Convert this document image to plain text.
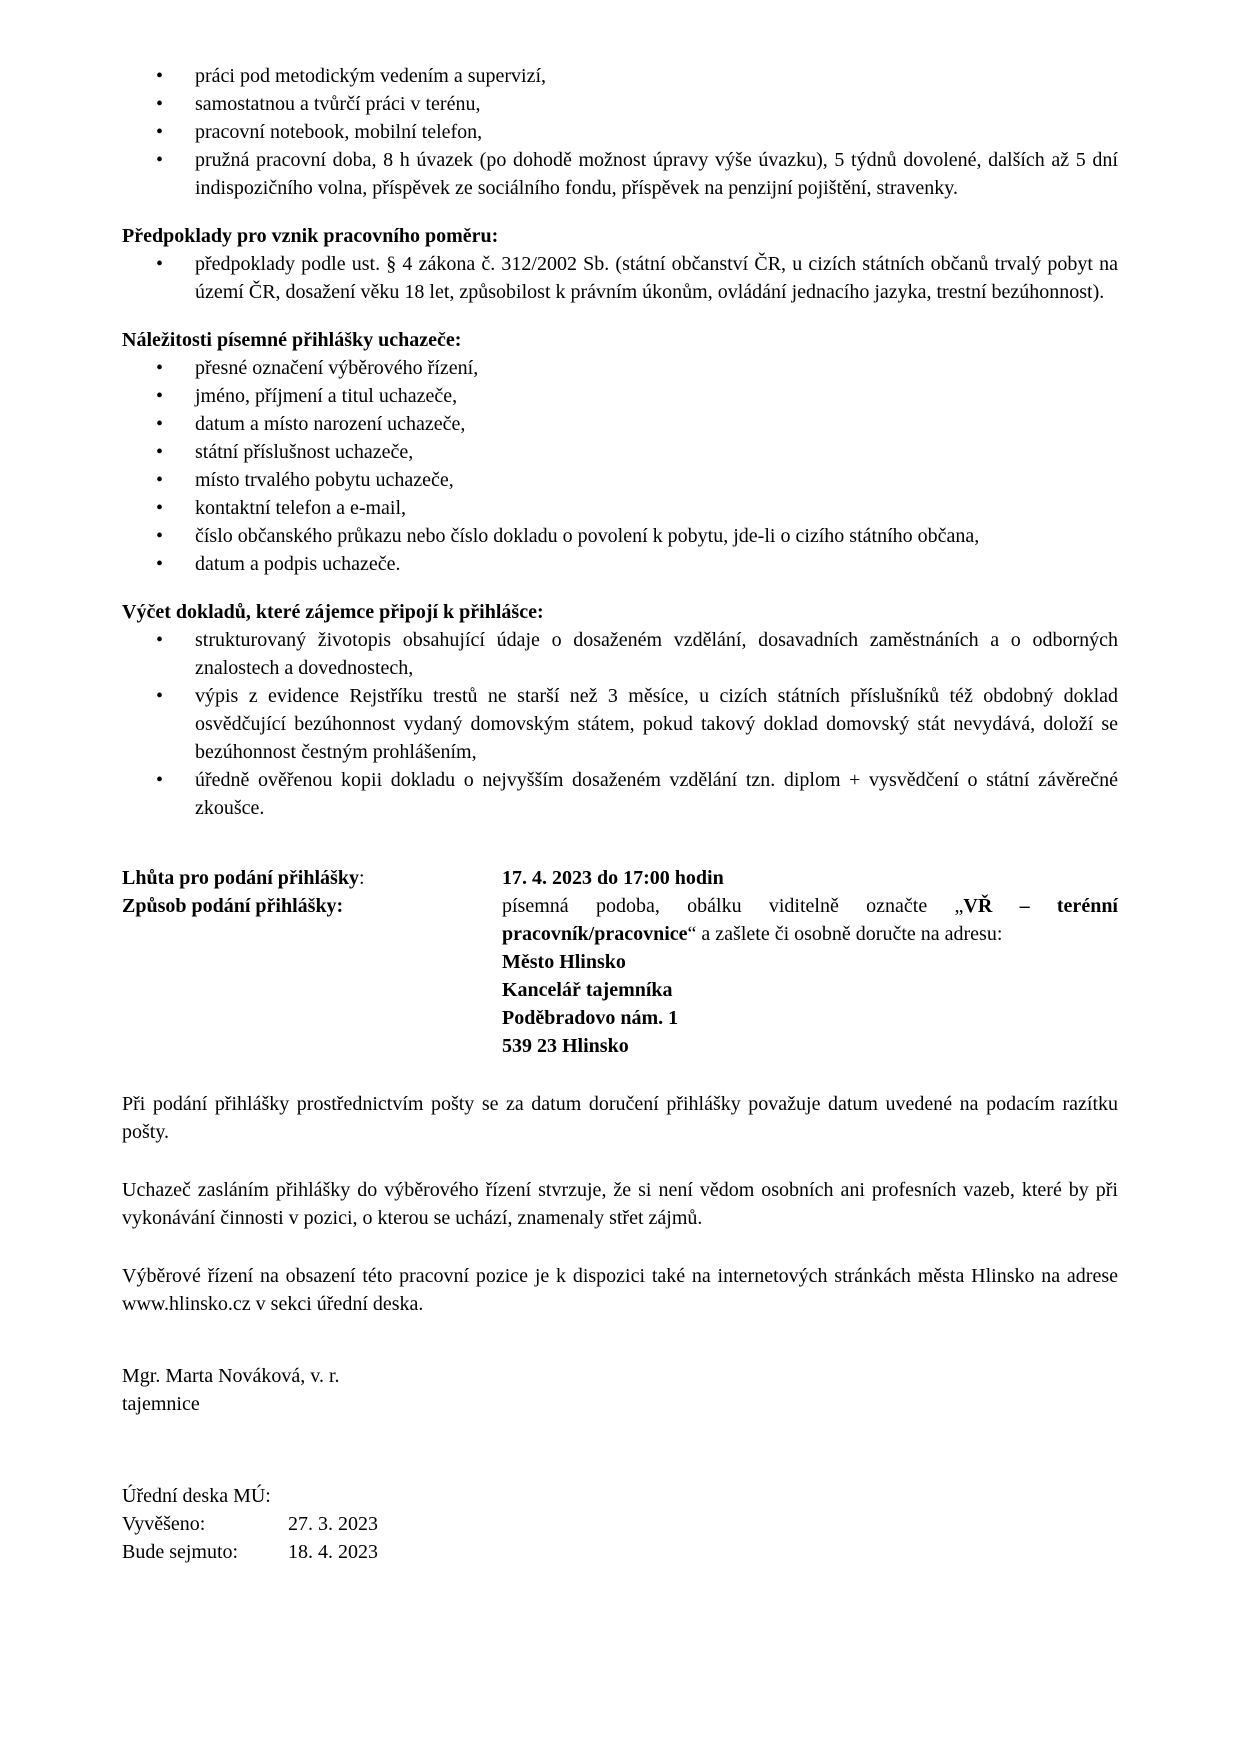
• práci pod metodickým vedením a supervizí,
• samostatnou a tvůrčí práci v terénu,
• pracovní notebook, mobilní telefon,
• pružná pracovní doba, 8 h úvazek (po dohodě možnost úpravy výše úvazku), 5 týdnů dovolené, dalších až 5 dní indispozičního volna, příspěvek ze sociálního fondu, příspěvek na penzijní pojištění, stravenky.
Předpoklady pro vznik pracovního poměru:
• předpoklady podle ust. § 4 zákona č. 312/2002 Sb. (státní občanství ČR, u cizích státních občanů trvalý pobyt na území ČR, dosažení věku 18 let, způsobilost k právním úkonům, ovládání jednacího jazyka, trestní bezúhonnost).
Náležitosti písemné přihlášky uchazeče:
• přesné označení výběrového řízení,
• jméno, příjmení a titul uchazeče,
• datum a místo narození uchazeče,
• státní příslušnost uchazeče,
• místo trvalého pobytu uchazeče,
• kontaktní telefon a e-mail,
• číslo občanského průkazu nebo číslo dokladu o povolení k pobytu, jde-li o cizího státního občana,
• datum a podpis uchazeče.
Výčet dokladů, které zájemce připojí k přihlášce:
• strukturovaný životopis obsahující údaje o dosaženém vzdělání, dosavadních zaměstnáních a o odborných znalostech a dovednostech,
• výpis z evidence Rejstříku trestů ne starší než 3 měsíce, u cizích státních příslušníků též obdobný doklad osvědčující bezúhonnost vydaný domovským státem, pokud takový doklad domovský stát nevydává, doloží se bezúhonnost čestným prohlášením,
• úředně ověřenou kopii dokladu o nejvyšším dosaženém vzdělání tzn. diplom + vysvědčení o státní závěrečné zkoušce.
Lhůta pro podání přihlášky:	17. 4. 2023 do 17:00 hodin
Způsob podání přihlášky:	písemná podoba, obálku viditelně označte „VŘ – terénní pracovník/pracovnice“ a zašlete či osobně doručte na adresu:
Město Hlinsko
Kancelář tajemníka
Poděbradovo nám. 1
539 23 Hlinsko

Při podání přihlášky prostřednictvím pošty se za datum doručení přihlášky považuje datum uvedené na podacím razítku pošty.

Uchazeč zasláním přihlášky do výběrového řízení stvrzuje, že si není vědom osobních ani profesních vazeb, které by při vykonávání činnosti v pozici, o kterou se uchází, znamenaly střet zájmů.

Výběrové řízení na obsazení této pracovní pozice je k dispozici také na internetových stránkách města Hlinsko na adrese www.hlinsko.cz v sekci úřední deska.

Mgr. Marta Nováková, v. r.
tajemnice
Úřední deska MÚ:
Vyvěšeno:	27. 3. 2023
Bude sejmuto:	18. 4. 2023
